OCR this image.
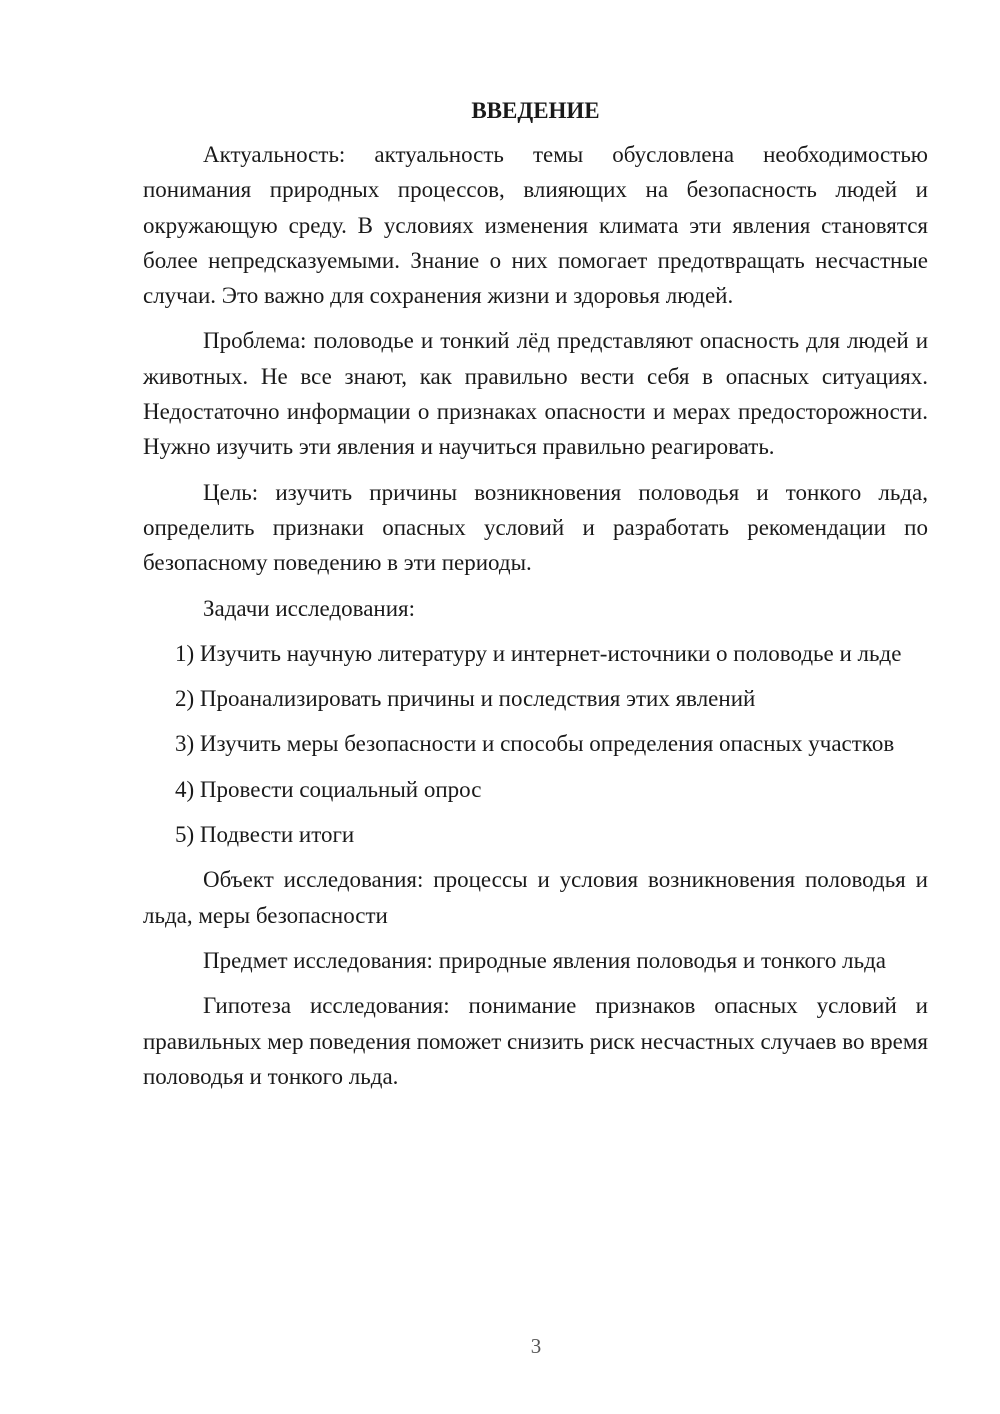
ВВЕДЕНИЕ

Актуальность: актуальность темы обусловлена необходимостью понимания природных процессов, влияющих на безопасность людей и окружающую среду. В условиях изменения климата эти явления становятся более непредсказуемыми. Знание о них помогает предотвращать несчастные случаи. Это важно для сохранения жизни и здоровья людей.

Проблема: половодье и тонкий лёд представляют опасность для людей и животных. Не все знают, как правильно вести себя в опасных ситуациях. Недостаточно информации о признаках опасности и мерах предосторожности. Нужно изучить эти явления и научиться правильно реагировать.

Цель: изучить причины возникновения половодья и тонкого льда, определить признаки опасных условий и разработать рекомендации по безопасному поведению в эти периоды.

Задачи исследования:

1) Изучить научную литературу и интернет-источники о половодье и льде

2) Проанализировать причины и последствия этих явлений

3) Изучить меры безопасности и способы определения опасных участков

4) Провести социальный опрос

5) Подвести итоги

Объект исследования: процессы и условия возникновения половодья и льда, меры безопасности

Предмет исследования: природные явления половодья и тонкого льда

Гипотеза исследования: понимание признаков опасных условий и правильных мер поведения поможет снизить риск несчастных случаев во время половодья и тонкого льда.

3
